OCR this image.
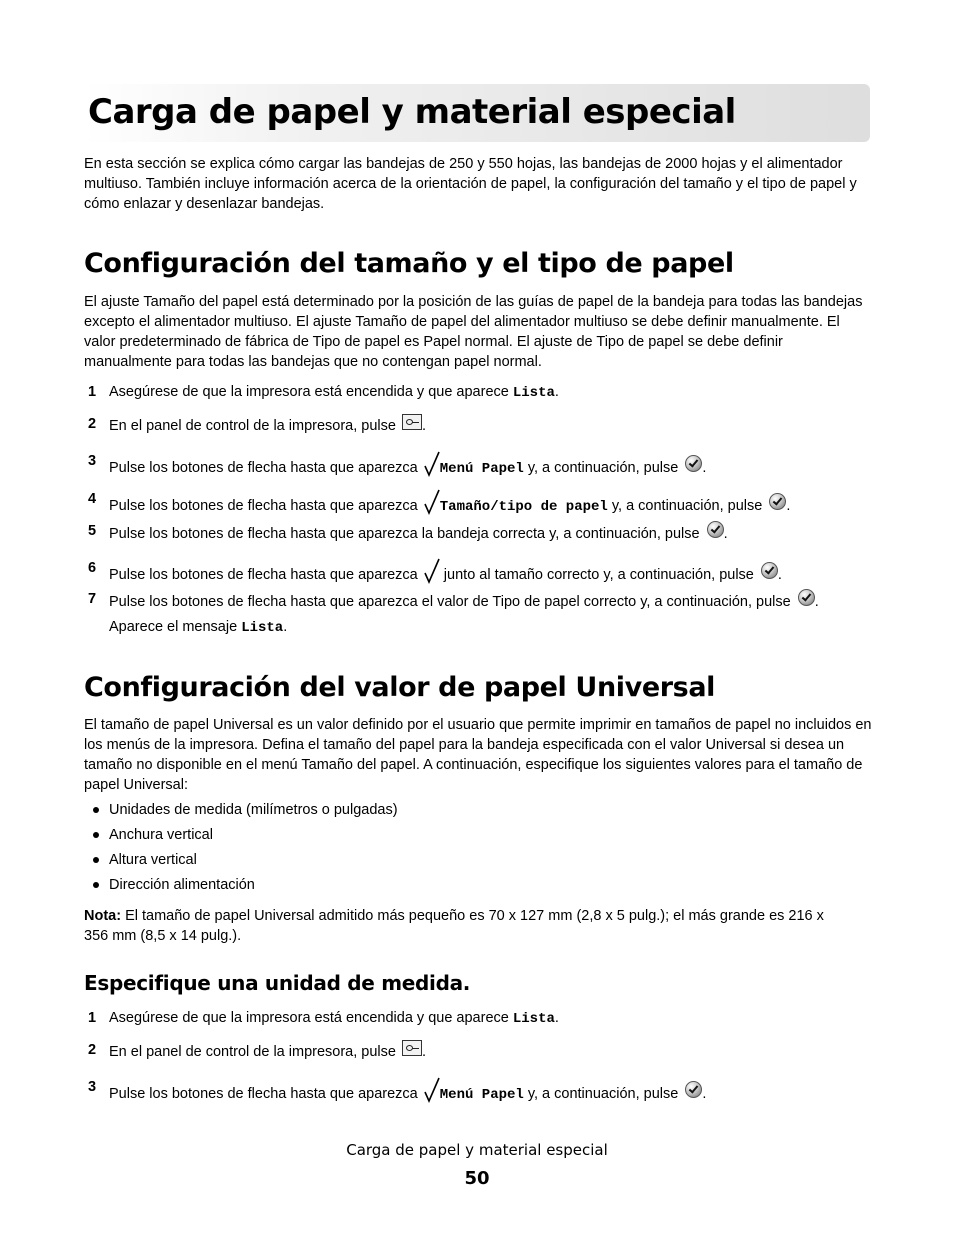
Carga de papel y material especial

En esta sección se explica cómo cargar las bandejas de 250 y 550 hojas, las bandejas de 2000 hojas y el alimentador multiuso. También incluye información acerca de la orientación de papel, la configuración del tamaño y el tipo de papel y cómo enlazar y desenlazar bandejas.

Configuración del tamaño y el tipo de papel

El ajuste Tamaño del papel está determinado por la posición de las guías de papel de la bandeja para todas las bandejas excepto el alimentador multiuso. El ajuste Tamaño de papel del alimentador multiuso se debe definir manualmente. El valor predeterminado de fábrica de Tipo de papel es Papel normal. El ajuste de Tipo de papel se debe definir manualmente para todas las bandejas que no contengan papel normal.

1 Asegúrese de que la impresora está encendida y que aparece Lista.
2 En el panel de control de la impresora, pulse .
3 Pulse los botones de flecha hasta que aparezca Menú Papel y, a continuación, pulse .
4 Pulse los botones de flecha hasta que aparezca Tamaño/tipo de papel y, a continuación, pulse .
5 Pulse los botones de flecha hasta que aparezca la bandeja correcta y, a continuación, pulse .
6 Pulse los botones de flecha hasta que aparezca  junto al tamaño correcto y, a continuación, pulse .
7 Pulse los botones de flecha hasta que aparezca el valor de Tipo de papel correcto y, a continuación, pulse .
Aparece el mensaje Lista.
Configuración del valor de papel Universal

El tamaño de papel Universal es un valor definido por el usuario que permite imprimir en tamaños de papel no incluidos en los menús de la impresora. Defina el tamaño del papel para la bandeja especificada con el valor Universal si desea un tamaño no disponible en el menú Tamaño del papel. A continuación, especifique los siguientes valores para el tamaño de papel Universal:

Unidades de medida (milímetros o pulgadas)
Anchura vertical
Altura vertical
Dirección alimentación

Nota: El tamaño de papel Universal admitido más pequeño es 70 x 127 mm (2,8 x 5 pulg.); el más grande es 216 x 356 mm (8,5 x 14 pulg.).

Especifique una unidad de medida.
1 Asegúrese de que la impresora está encendida y que aparece Lista.
2 En el panel de control de la impresora, pulse .
3 Pulse los botones de flecha hasta que aparezca Menú Papel y, a continuación, pulse .
Carga de papel y material especial
50
